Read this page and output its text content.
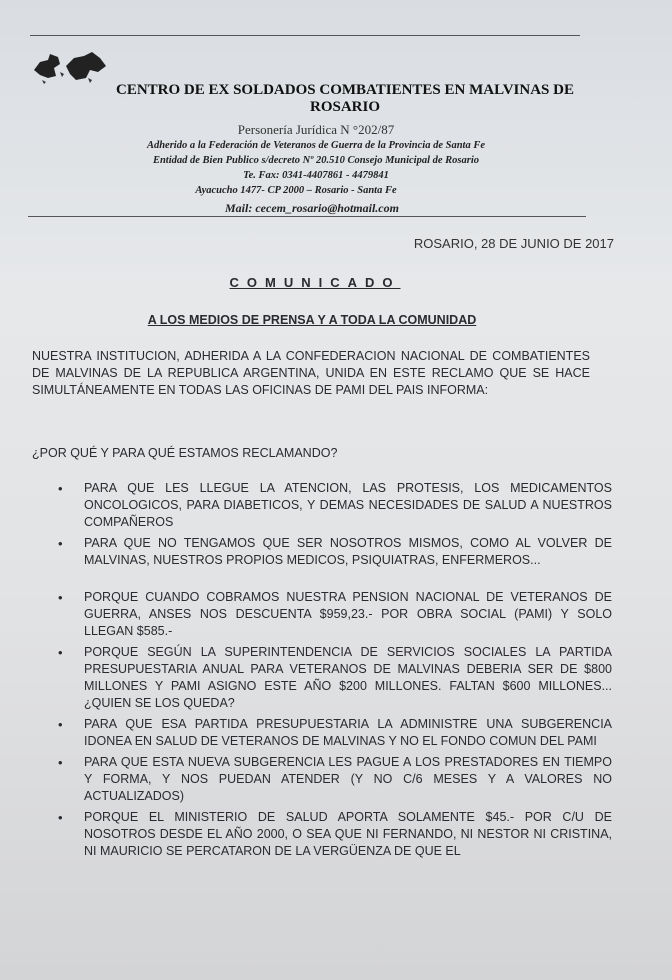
CENTRO DE EX SOLDADOS COMBATIENTES EN MALVINAS DE ROSARIO
Personería Jurídica N °202/87
Adherido a la Federación de Veteranos de Guerra de la Provincia de Santa Fe
Entidad de Bien Publico s/decreto Nº 20.510 Consejo Municipal de Rosario
Te. Fax: 0341-4407861 - 4479841
Ayacucho 1477- CP 2000 – Rosario - Santa Fe
Mail: cecem_rosario@hotmail.com
ROSARIO, 28 DE JUNIO DE 2017
COMUNICADO
A LOS MEDIOS DE PRENSA Y A TODA LA COMUNIDAD
NUESTRA INSTITUCION, ADHERIDA A LA CONFEDERACION NACIONAL DE COMBATIENTES DE MALVINAS DE LA REPUBLICA ARGENTINA, UNIDA EN ESTE RECLAMO QUE SE HACE SIMULTÁNEAMENTE EN TODAS LAS OFICINAS DE PAMI DEL PAIS INFORMA:
¿POR QUÉ Y PARA QUÉ ESTAMOS RECLAMANDO?
• PARA QUE LES LLEGUE LA ATENCION, LAS PROTESIS, LOS MEDICAMENTOS ONCOLOGICOS, PARA DIABETICOS, Y DEMAS NECESIDADES DE SALUD A NUESTROS COMPAÑEROS
• PARA QUE NO TENGAMOS QUE SER NOSOTROS MISMOS, COMO AL VOLVER DE MALVINAS, NUESTROS PROPIOS MEDICOS, PSIQUIATRAS, ENFERMEROS...
• PORQUE CUANDO COBRAMOS NUESTRA PENSION NACIONAL DE VETERANOS DE GUERRA, ANSES NOS DESCUENTA $959,23.- POR OBRA SOCIAL (PAMI) Y SOLO LLEGAN $585.-
• PORQUE SEGÚN LA SUPERINTENDENCIA DE SERVICIOS SOCIALES LA PARTIDA PRESUPUESTARIA ANUAL PARA VETERANOS DE MALVINAS DEBERIA SER DE $800 MILLONES Y PAMI ASIGNO ESTE AÑO $200 MILLONES. FALTAN $600 MILLONES... ¿QUIEN SE LOS QUEDA?
• PARA QUE ESA PARTIDA PRESUPUESTARIA LA ADMINISTRE UNA SUBGERENCIA IDONEA EN SALUD DE VETERANOS DE MALVINAS Y NO EL FONDO COMUN DEL PAMI
• PARA QUE ESTA NUEVA SUBGERENCIA LES PAGUE A LOS PRESTADORES EN TIEMPO Y FORMA, Y NOS PUEDAN ATENDER (Y NO C/6 MESES Y A VALORES NO ACTUALIZADOS)
• PORQUE EL MINISTERIO DE SALUD APORTA SOLAMENTE $45.- POR C/U DE NOSOTROS DESDE EL AÑO 2000, O SEA QUE NI FERNANDO, NI NESTOR NI CRISTINA, NI MAURICIO SE PERCATARON DE LA VERGÜENZA DE QUE EL
